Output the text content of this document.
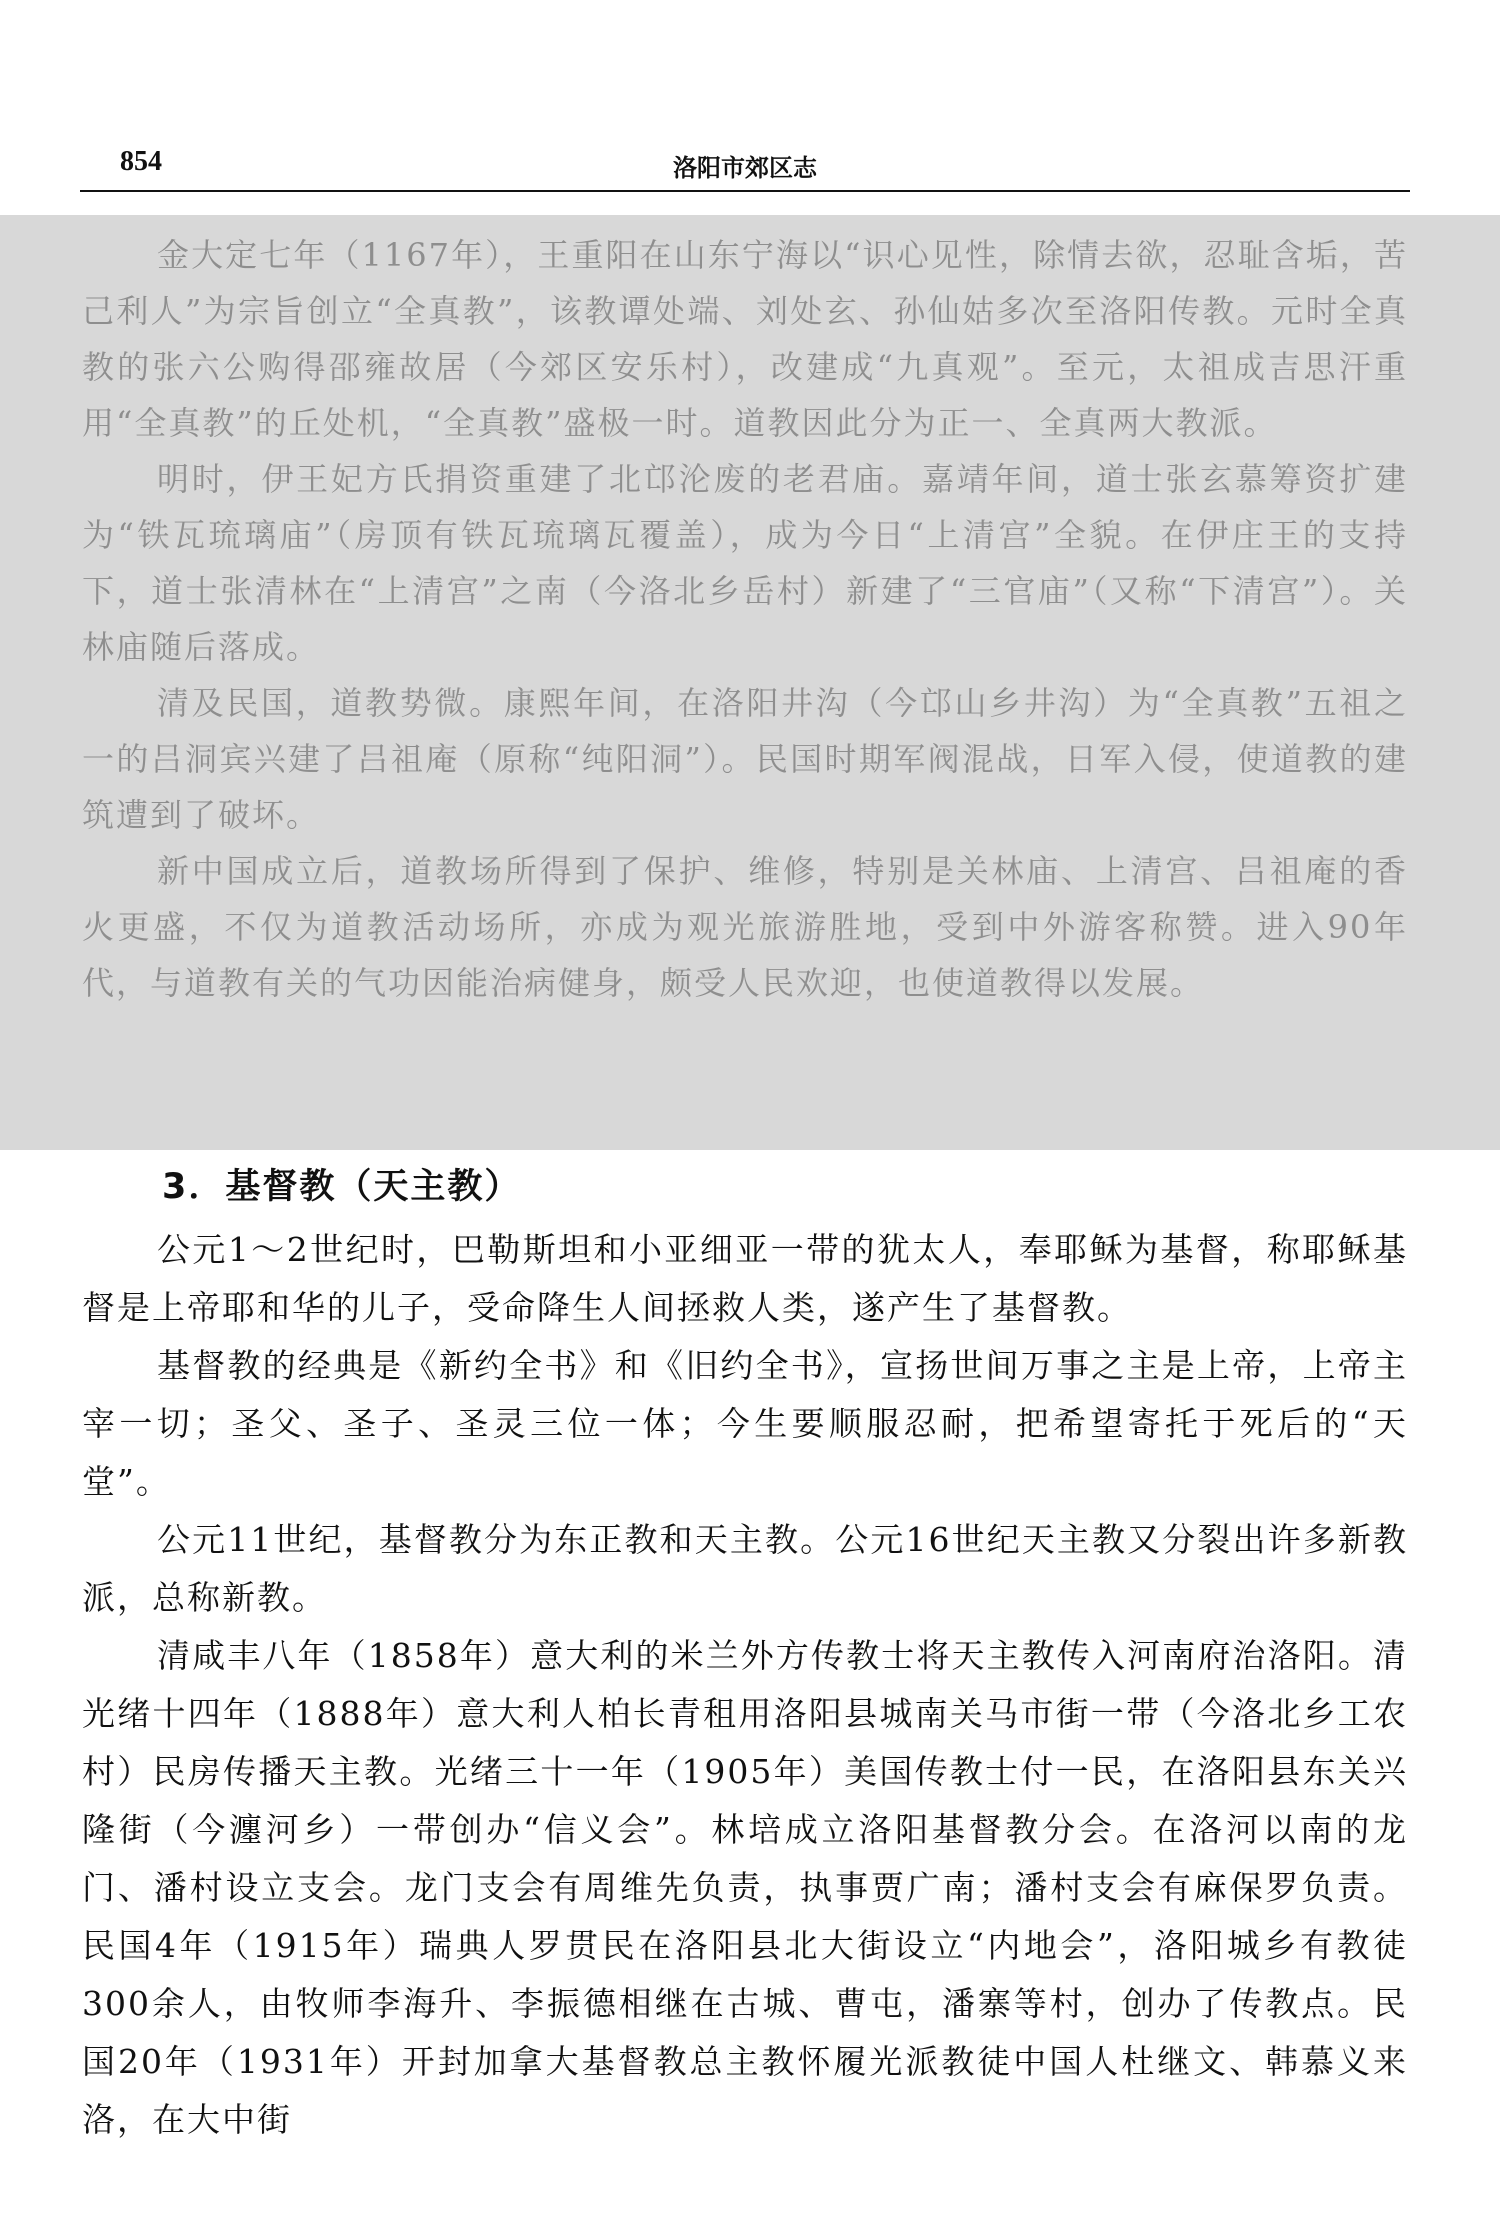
854	洛阳市郊区志

金大定七年（1167年），王重阳在山东宁海以“识心见性，除情去欲，忍耻含垢，苦己利人”为宗旨创立“全真教”，该教谭处端、刘处玄、孙仙姑多次至洛阳传教。元时全真教的张六公购得邵雍故居（今郊区安乐村），改建成“九真观”。至元，太祖成吉思汗重用“全真教”的丘处机，“全真教”盛极一时。道教因此分为正一、全真两大教派。

明时，伊王妃方氏捐资重建了北邙沦废的老君庙。嘉靖年间，道士张玄慕筹资扩建为“铁瓦琉璃庙”（房顶有铁瓦琉璃瓦覆盖），成为今日“上清宫”全貌。在伊庄王的支持下，道士张清林在“上清宫”之南（今洛北乡岳村）新建了“三官庙”（又称“下清宫”）。关林庙随后落成。

清及民国，道教势微。康熙年间，在洛阳井沟（今邙山乡井沟）为“全真教”五祖之一的吕洞宾兴建了吕祖庵（原称“纯阳洞”）。民国时期军阀混战，日军入侵，使道教的建筑遭到了破坏。

新中国成立后，道教场所得到了保护、维修，特别是关林庙、上清宫、吕祖庵的香火更盛，不仅为道教活动场所，亦成为观光旅游胜地，受到中外游客称赞。进入90年代，与道教有关的气功因能治病健身，颇受人民欢迎，也使道教得以发展。

3．基督教（天主教）

公元1～2世纪时，巴勒斯坦和小亚细亚一带的犹太人，奉耶稣为基督，称耶稣基督是上帝耶和华的儿子，受命降生人间拯救人类，遂产生了基督教。

基督教的经典是《新约全书》和《旧约全书》，宣扬世间万事之主是上帝，上帝主宰一切；圣父、圣子、圣灵三位一体；今生要顺服忍耐，把希望寄托于死后的“天堂”。

公元11世纪，基督教分为东正教和天主教。公元16世纪天主教又分裂出许多新教派，总称新教。

清咸丰八年（1858年）意大利的米兰外方传教士将天主教传入河南府治洛阳。清光绪十四年（1888年）意大利人柏长青租用洛阳县城南关马市街一带（今洛北乡工农村）民房传播天主教。光绪三十一年（1905年）美国传教士付一民，在洛阳县东关兴隆街（今瀍河乡）一带创办“信义会”。林培成立洛阳基督教分会。在洛河以南的龙门、潘村设立支会。龙门支会有周维先负责，执事贾广南；潘村支会有麻保罗负责。民国4年（1915年）瑞典人罗贯民在洛阳县北大街设立“内地会”，洛阳城乡有教徒300余人，由牧师李海升、李振德相继在古城、曹屯，潘寨等村，创办了传教点。民国20年（1931年）开封加拿大基督教总主教怀履光派教徒中国人杜继文、韩慕义来洛，在大中街
